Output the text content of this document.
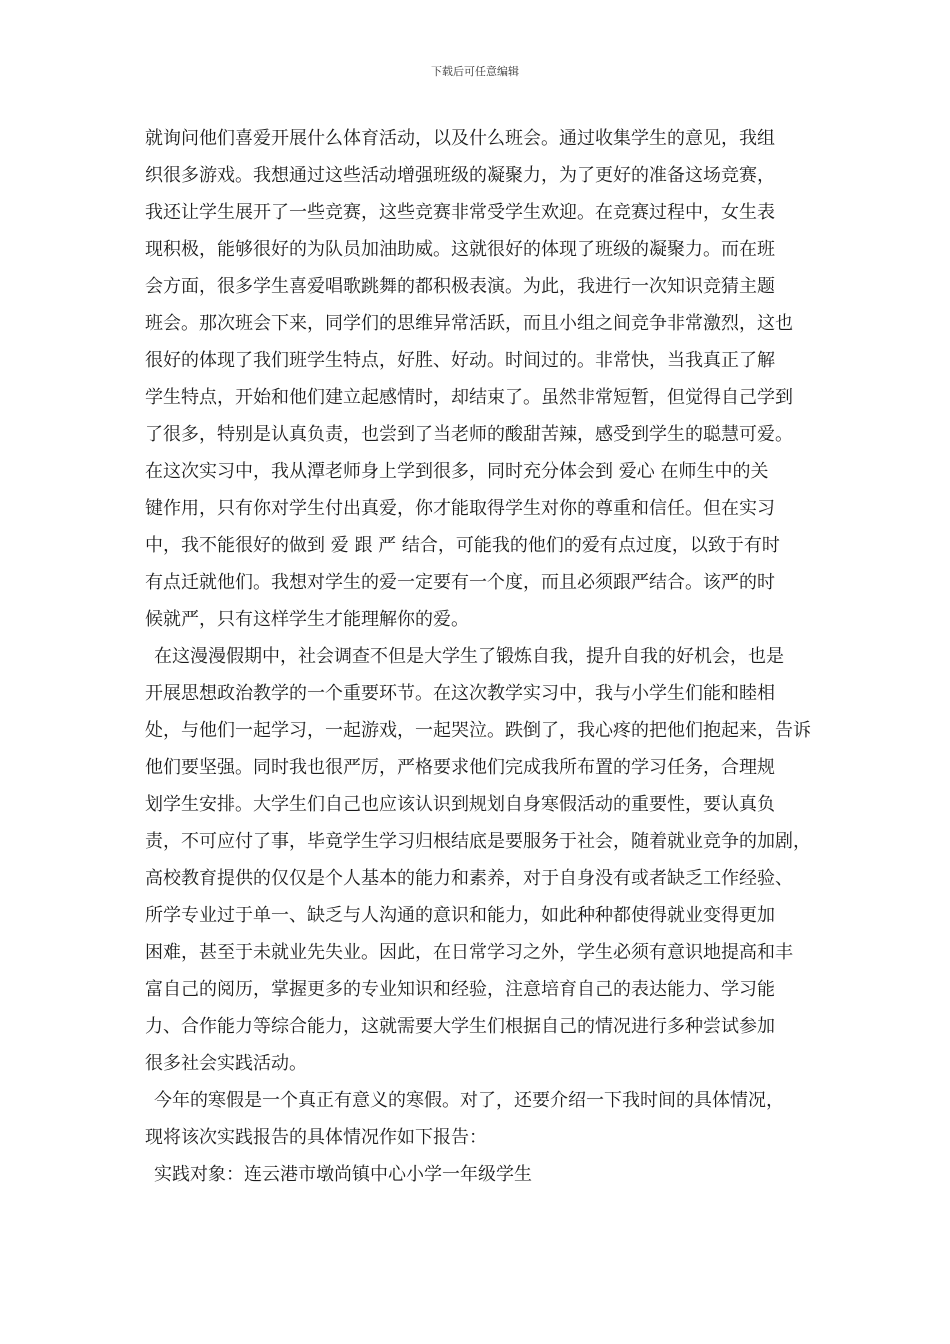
下载后可任意编辑
就询问他们喜爱开展什么体育活动，以及什么班会。通过收集学生的意见，我组
织很多游戏。我想通过这些活动增强班级的凝聚力，为了更好的准备这场竞赛，
我还让学生展开了一些竞赛，这些竞赛非常受学生欢迎。在竞赛过程中，女生表
现积极，能够很好的为队员加油助威。这就很好的体现了班级的凝聚力。而在班
会方面，很多学生喜爱唱歌跳舞的都积极表演。为此，我进行一次知识竞猜主题
班会。那次班会下来，同学们的思维异常活跃，而且小组之间竞争非常激烈，这也
很好的体现了我们班学生特点，好胜、好动。时间过的。非常快，当我真正了解
学生特点，开始和他们建立起感情时，却结束了。虽然非常短暂，但觉得自己学到
了很多，特别是认真负责，也尝到了当老师的酸甜苦辣，感受到学生的聪慧可爱。
在这次实习中，我从潭老师身上学到很多，同时充分体会到 爱心 在师生中的关
键作用，只有你对学生付出真爱，你才能取得学生对你的尊重和信任。但在实习
中，我不能很好的做到 爱 跟 严 结合，可能我的他们的爱有点过度，以致于有时
有点迁就他们。我想对学生的爱一定要有一个度，而且必须跟严结合。该严的时
候就严，只有这样学生才能理解你的爱。
在这漫漫假期中，社会调查不但是大学生了锻炼自我，提升自我的好机会，也是
开展思想政治教学的一个重要环节。在这次教学实习中，我与小学生们能和睦相
处，与他们一起学习，一起游戏，一起哭泣。跌倒了，我心疼的把他们抱起来，告诉
他们要坚强。同时我也很严厉，严格要求他们完成我所布置的学习任务，合理规
划学生安排。大学生们自己也应该认识到规划自身寒假活动的重要性，要认真负
责，不可应付了事，毕竟学生学习归根结底是要服务于社会，随着就业竞争的加剧，
高校教育提供的仅仅是个人基本的能力和素养，对于自身没有或者缺乏工作经验、
所学专业过于单一、缺乏与人沟通的意识和能力，如此种种都使得就业变得更加
困难，甚至于未就业先失业。因此，在日常学习之外，学生必须有意识地提高和丰
富自己的阅历，掌握更多的专业知识和经验，注意培育自己的表达能力、学习能
力、合作能力等综合能力，这就需要大学生们根据自己的情况进行多种尝试参加
很多社会实践活动。
今年的寒假是一个真正有意义的寒假。对了，还要介绍一下我时间的具体情况，
现将该次实践报告的具体情况作如下报告：
实践对象：连云港市墩尚镇中心小学一年级学生
